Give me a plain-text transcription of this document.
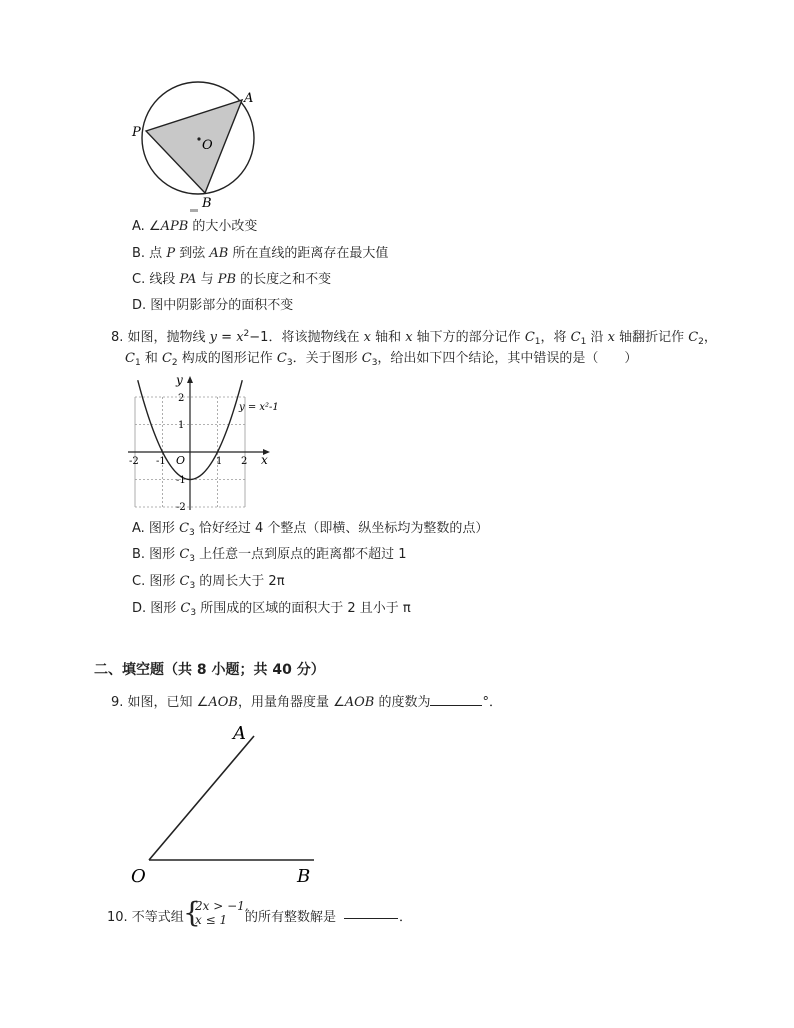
A
P
O
B
A. ∠APB 的大小改变
B. 点 P 到弦 AB 所在直线的距离存在最大值
C. 线段 PA 与 PB 的长度之和不变
D. 图中阴影部分的面积不变
8. 如图，抛物线 $y = x^2-1$．将该抛物线在 x 轴和 x 轴下方的部分记作 $C_1$，将 $C_1$ 沿 x 轴翻折记作 $C_2$，
$C_1$ 和 $C_2$ 构成的图形记作 $C_3$．关于图形 $C_3$，给出如下四个结论，其中错误的是（　　）
y
x
O
y = x²-1
-2 -1	1 2
2
1
-1
-2
A. 图形 $C_3$ 恰好经过 4 个整点（即横、纵坐标均为整数的点）
B. 图形 $C_3$ 上任意一点到原点的距离都不超过 1
C. 图形 $C_3$ 的周长大于 2π
D. 图形 $C_3$ 所围成的区域的面积大于 2 且小于 π
二、填空题（共 8 小题；共 40 分）
9. 如图，已知 ∠AOB，用量角器度量 ∠AOB 的度数为	°．
A
O	B
10. 不等式组 {
2x > −1,
x ≤ 1 的所有整数解是	．
